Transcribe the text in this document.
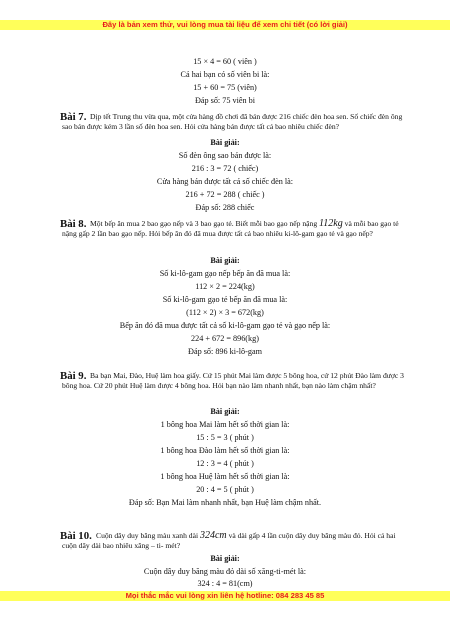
Đây là bản xem thử, vui lòng mua tài liệu để xem chi tiết (có lời giải)
15 × 4 = 60 ( viên )
Cả hai bạn có số viên bi là:
15 + 60 = 75 (viên)
Đáp số: 75 viên bi
Bài 7. Dịp tết Trung thu vừa qua, một cửa hàng đồ chơi đã bán được 216 chiếc đèn hoa sen. Số chiếc đèn ông sao bán được kém 3 lần số đèn hoa sen. Hỏi cửa hàng bán được tất cả bao nhiêu chiếc đèn?
Bài giải:
Số đèn ông sao bán được là:
216 : 3 = 72 ( chiếc)
Cửa hàng bán được tất cả số chiếc đèn là:
216 + 72 = 288 ( chiếc )
Đáp số: 288 chiếc
Bài 8. Một bếp ăn mua 2 bao gạo nếp và 3 bao gạo tẻ. Biết mỗi bao gạo nếp nặng 112kg và mỗi bao gạo tẻ nặng gấp 2 lần bao gạo nếp. Hỏi bếp ăn đó đã mua được tất cả bao nhiêu ki-lô-gam gạo tẻ và gạo nếp?
Bài giải:
Số ki-lô-gam gạo nếp bếp ăn đã mua là:
112 × 2 = 224(kg)
Số ki-lô-gam gạo tẻ bếp ăn đã mua là:
(112 × 2) × 3 = 672(kg)
Bếp ăn đó đã mua được tất cả số ki-lô-gam gạo tẻ và gạo nếp là:
224 + 672 = 896(kg)
Đáp số: 896 ki-lô-gam
Bài 9. Ba bạn Mai, Đào, Huệ làm hoa giấy. Cứ 15 phút Mai làm được 5 bông hoa, cứ 12 phút Đào làm được 3 bông hoa. Cứ 20 phút Huệ làm được 4 bông hoa. Hỏi bạn nào làm nhanh nhất, bạn nào làm chậm nhất?
Bài giải:
1 bông hoa Mai làm hết số thời gian là:
15 : 5 = 3 ( phút )
1 bông hoa Đào làm hết số thời gian là:
12 : 3 = 4 ( phút )
1 bông hoa Huệ làm hết số thời gian là:
20 : 4 = 5 ( phút )
Đáp số: Bạn Mai làm nhanh nhất, bạn Huệ làm chậm nhất.
Bài 10. Cuộn dây duy băng màu xanh dài 324cm và dài gấp 4 lần cuộn dây duy băng màu đỏ. Hỏi cả hai cuộn dây dài bao nhiêu xăng – ti- mét?
Bài giải:
Cuộn dây duy băng màu đỏ dài số xăng-ti-mét là:
324 : 4 = 81(cm)
Mọi thắc mắc vui lòng xin liên hệ hotline: 084 283 45 85
